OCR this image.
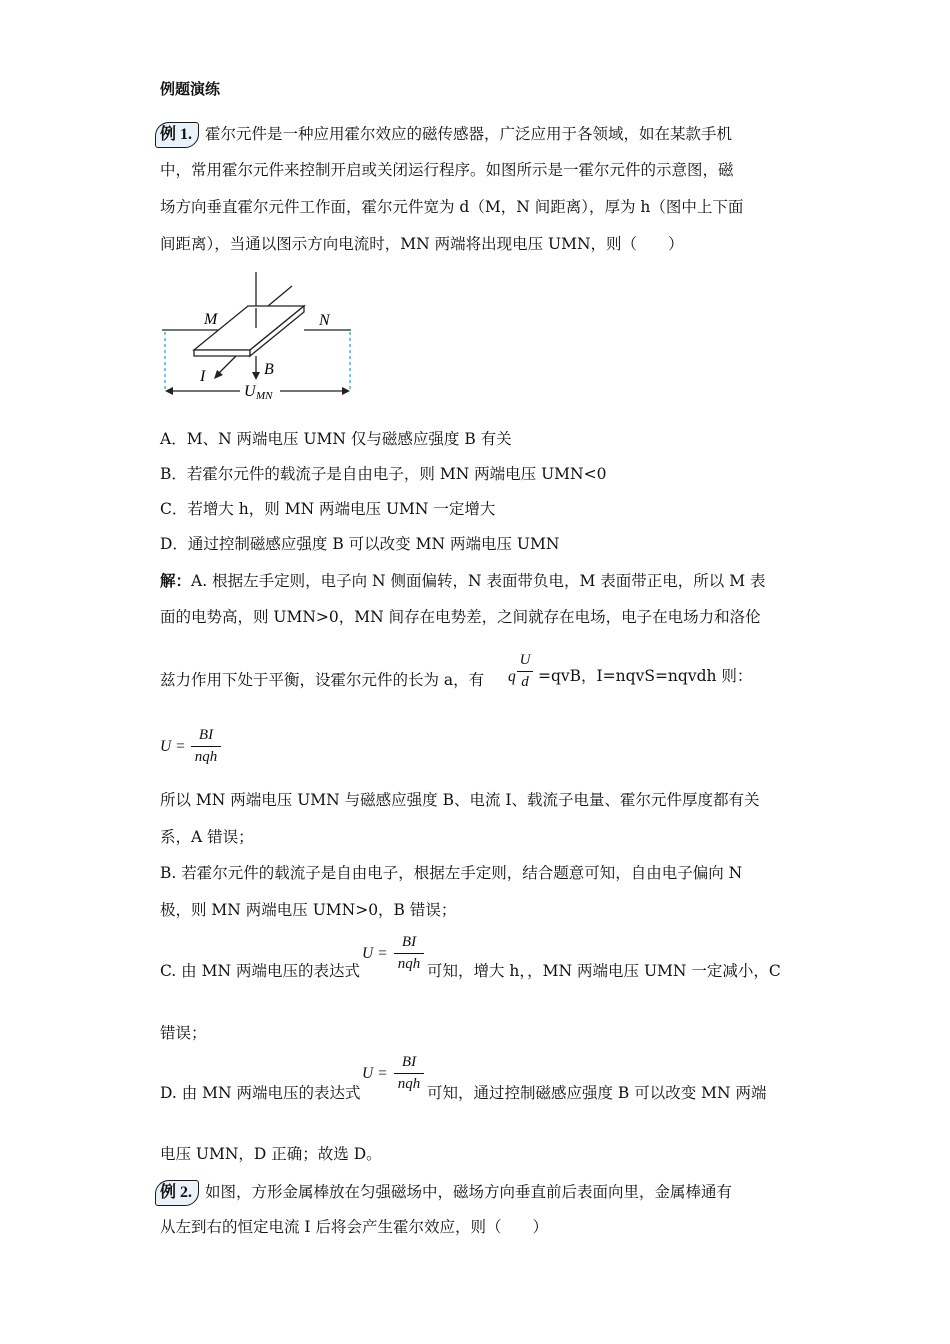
例题演练
例 1. 霍尔元件是一种应用霍尔效应的磁传感器，广泛应用于各领域，如在某款手机
中，常用霍尔元件来控制开启或关闭运行程序。如图所示是一霍尔元件的示意图，磁
场方向垂直霍尔元件工作面，霍尔元件宽为 d（M，N 间距离），厚为 h（图中上下面
间距离），当通以图示方向电流时，MN 两端将出现电压 UMN，则（　　）
M	N
B
I
U MN
A．M、N 两端电压 UMN 仅与磁感应强度 B 有关
B．若霍尔元件的载流子是自由电子，则 MN 两端电压 UMN<0
C．若增大 h，则 MN 两端电压 UMN 一定增大
D．通过控制磁感应强度 B 可以改变 MN 两端电压 UMN
解：A. 根据左手定则，电子向 N 侧面偏转，N 表面带负电，M 表面带正电，所以 M 表
面的电势高，则 UMN>0，MN 间存在电势差，之间就存在电场，电子在电场力和洛伦
兹力作用下处于平衡，设霍尔元件的长为 a，有 q
U
d =qvB，I=nqvS=nqvdh 则：
U =
BI
nqh
所以 MN 两端电压 UMN 与磁感应强度 B、电流 I、载流子电量、霍尔元件厚度都有关
系，A 错误；
B. 若霍尔元件的载流子是自由电子，根据左手定则，结合题意可知，自由电子偏向 N
极，则 MN 两端电压 UMN>0，B 错误；
C. 由 MN 两端电压的表达式
U =
BI
nqh 可知，增大 h，，MN 两端电压 UMN 一定减小，C
错误；
D. 由 MN 两端电压的表达式
U =
BI
nqh 可知，通过控制磁感应强度 B 可以改变 MN 两端
电压 UMN，D 正确；故选 D。
例 2. 如图，方形金属棒放在匀强磁场中，磁场方向垂直前后表面向里，金属棒通有
从左到右的恒定电流 I 后将会产生霍尔效应，则（　　）
